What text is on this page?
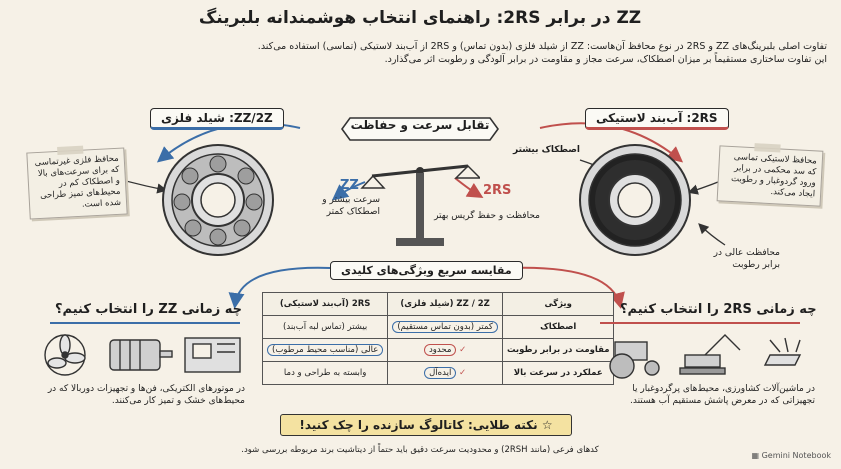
ZZ در برابر 2RS: راهنمای انتخاب هوشمندانه بلبرینگ
تفاوت اصلی بلبرینگ‌های ZZ و 2RS در نوع محافظ آن‌هاست: ZZ از شیلد فلزی (بدون تماس) و 2RS از آب‌بند لاستیکی (تماسی) استفاده می‌کند.
این تفاوت ساختاری مستقیماً بر میزان اصطکاک، سرعت مجاز و مقاومت در برابر آلودگی و رطوبت اثر می‌گذارد.
ZZ/2Z: شیلد فلزی
محافظ فلزی غیرتماسی که برای سرعت‌های بالا و اصطکاک کم در محیط‌های تمیز طراحی شده است.
2RS: آب‌بند لاستیکی
اصطکاک بیشتر
محافظت عالی در برابر رطوبت
محافظ لاستیکی تماسی که سد محکمی در برابر ورود گردوغبار و رطوبت ایجاد می‌کند.
تقابل سرعت و حفاظت
ZZ
سرعت بیشتر و اصطکاک کمتر
2RS
محافظت و حفظ گریس بهتر
مقایسه سریع ویژگی‌های کلیدی
ویژگی	ZZ / 2Z (شیلد فلزی)	2RS (آب‌بند لاستیکی)
اصطکاک	کمتر (بدون تماس مستقیم)	بیشتر (تماس لبه آب‌بند)
مقاومت در برابر رطوبت	✓ محدود	عالی (مناسب محیط مرطوب)
عملکرد در سرعت بالا	✓ ایده‌آل	وابسته به طراحی و دما
چه زمانی ZZ را انتخاب کنیم؟
در موتورهای الکتریکی، فن‌ها و تجهیزات دوربالا که در محیط‌های خشک و تمیز کار می‌کنند.
چه زمانی 2RS را انتخاب کنیم؟
در ماشین‌آلات کشاورزی، محیط‌های پرگردوغبار یا تجهیزاتی که در معرض پاشش مستقیم آب هستند.
☆ نکته طلایی: کاتالوگ سازنده را چک کنید!
کدهای فرعی (مانند 2RSH) و محدودیت سرعت دقیق باید حتماً از دیتاشیت برند مربوطه بررسی شود.
▦ Gemini Notebook
